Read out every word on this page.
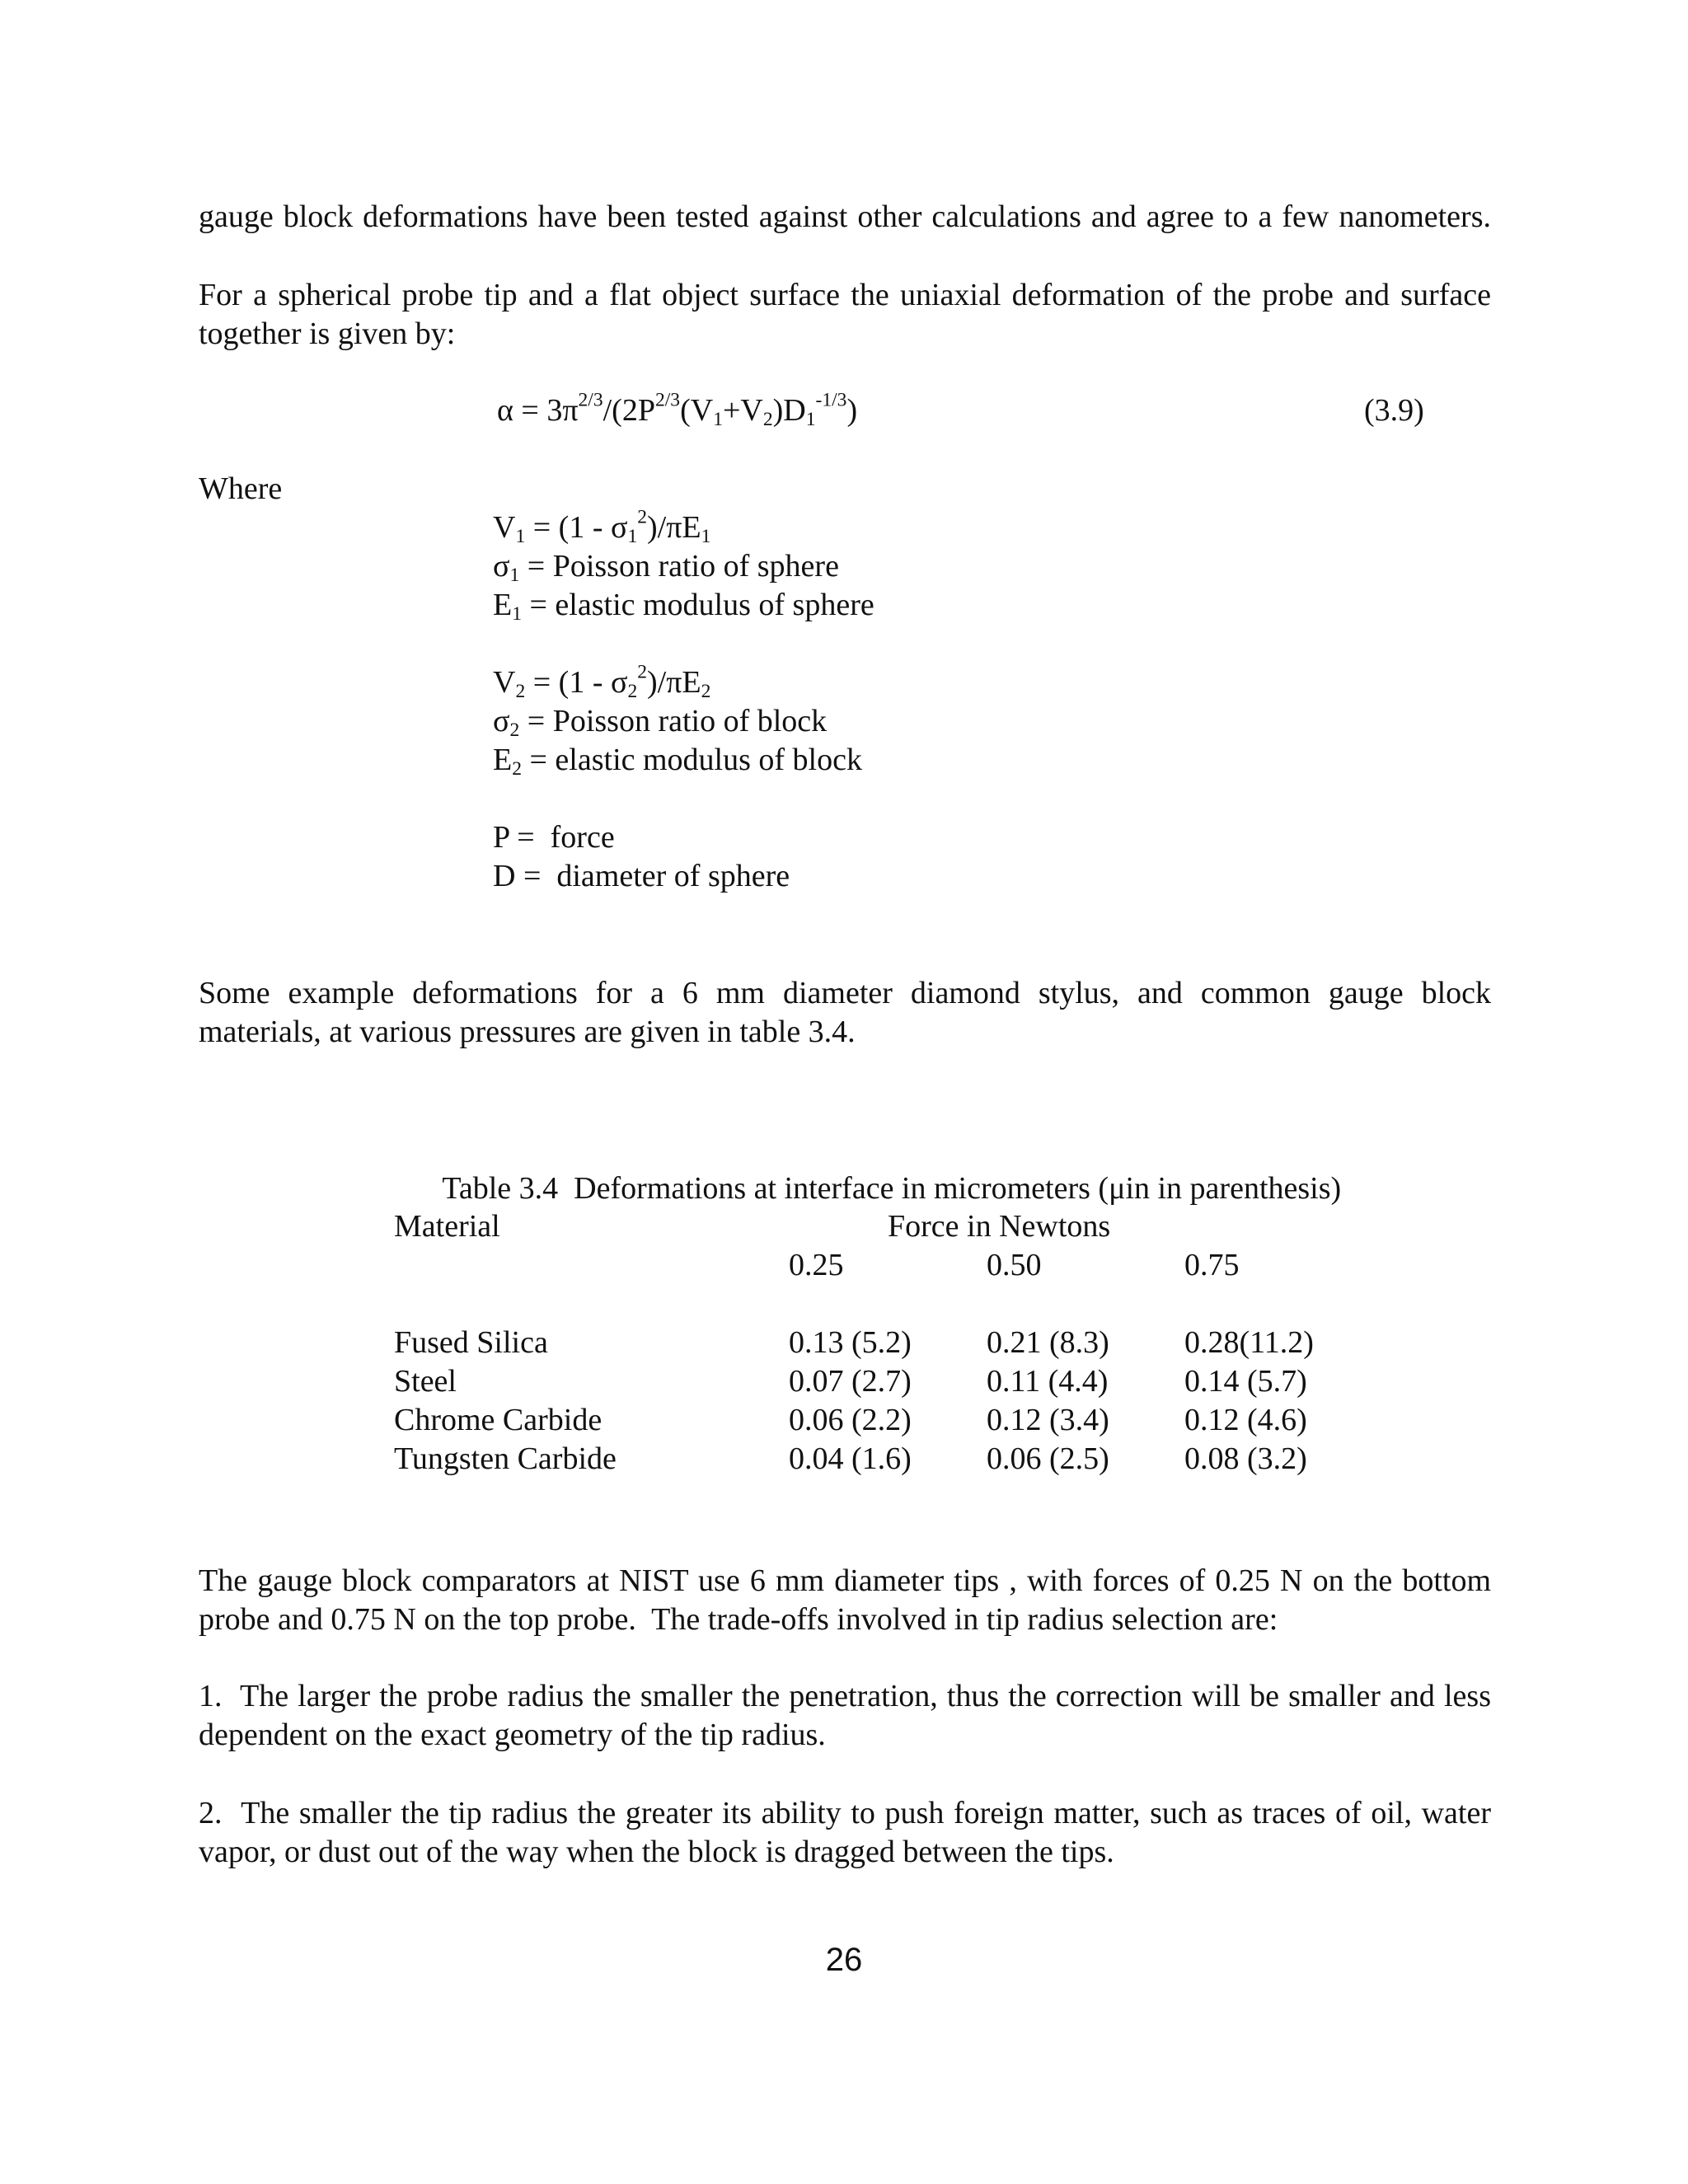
gauge block deformations have been tested against other calculations and agree to a few nanometers.

For a spherical probe tip and a flat object surface the uniaxial deformation of the probe and surface
together is given by:
$\alpha = 3\pi^{2/3}/(2P^{2/3}(V_1+V_2)D_1^{-1/3})$	(3.9)
Where
$V_1 = (1 - \sigma_1^2)/\pi E_1$
$\sigma_1$ = Poisson ratio of sphere
$E_1$ = elastic modulus of sphere
$V_2 = (1 - \sigma_2^2)/\pi E_2$
$\sigma_2$ = Poisson ratio of block
$E_2$ = elastic modulus of block
P =  force
D =  diameter of sphere
Some example deformations for a 6 mm diameter diamond stylus, and common gauge block
materials, at various pressures are given in table 3.4.

Table 3.4  Deformations at interface in micrometers (μin in parenthesis)

Material	Force in Newtons
0.25	0.50	0.75
Fused Silica	0.13 (5.2) 0.21 (8.3) 0.28(11.2)
Steel	0.07 (2.7) 0.11 (4.4) 0.14 (5.7)
Chrome Carbide	0.06 (2.2) 0.12 (3.4) 0.12 (4.6)
Tungsten Carbide	0.04 (1.6) 0.06 (2.5) 0.08 (3.2)
The gauge block comparators at NIST use 6 mm diameter tips , with forces of 0.25 N on the bottom
probe and 0.75 N on the top probe.  The trade-offs involved in tip radius selection are:
1.  The larger the probe radius the smaller the penetration, thus the correction will be smaller and less
dependent on the exact geometry of the tip radius.
2.  The smaller the tip radius the greater its ability to push foreign matter, such as traces of oil, water
vapor, or dust out of the way when the block is dragged between the tips.
26
